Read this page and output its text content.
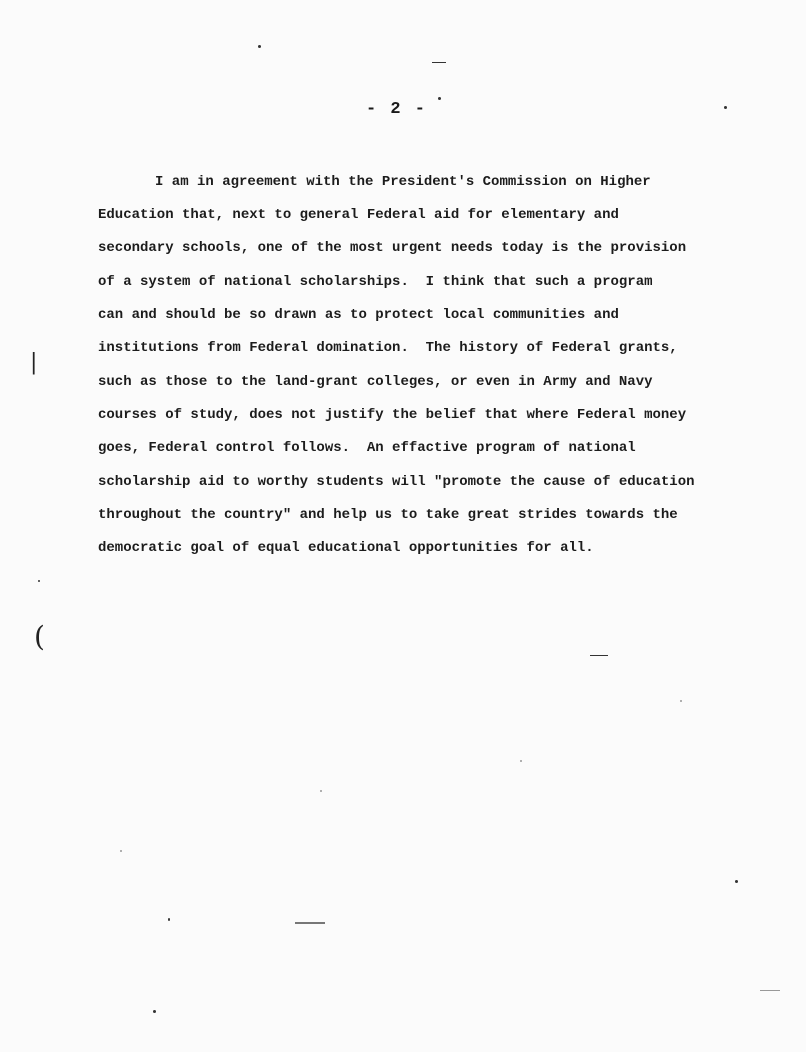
- 2 -
I am in agreement with the President's Commission on Higher
Education that, next to general Federal aid for elementary and
secondary schools, one of the most urgent needs today is the provision
of a system of national scholarships.  I think that such a program
can and should be so drawn as to protect local communities and
institutions from Federal domination.  The history of Federal grants,
such as those to the land-grant colleges, or even in Army and Navy
courses of study, does not justify the belief that where Federal money
goes, Federal control follows.  An effactive program of national
scholarship aid to worthy students will "promote the cause of education
throughout the country" and help us to take great strides towards the
democratic goal of equal educational opportunities for all.
|
(
